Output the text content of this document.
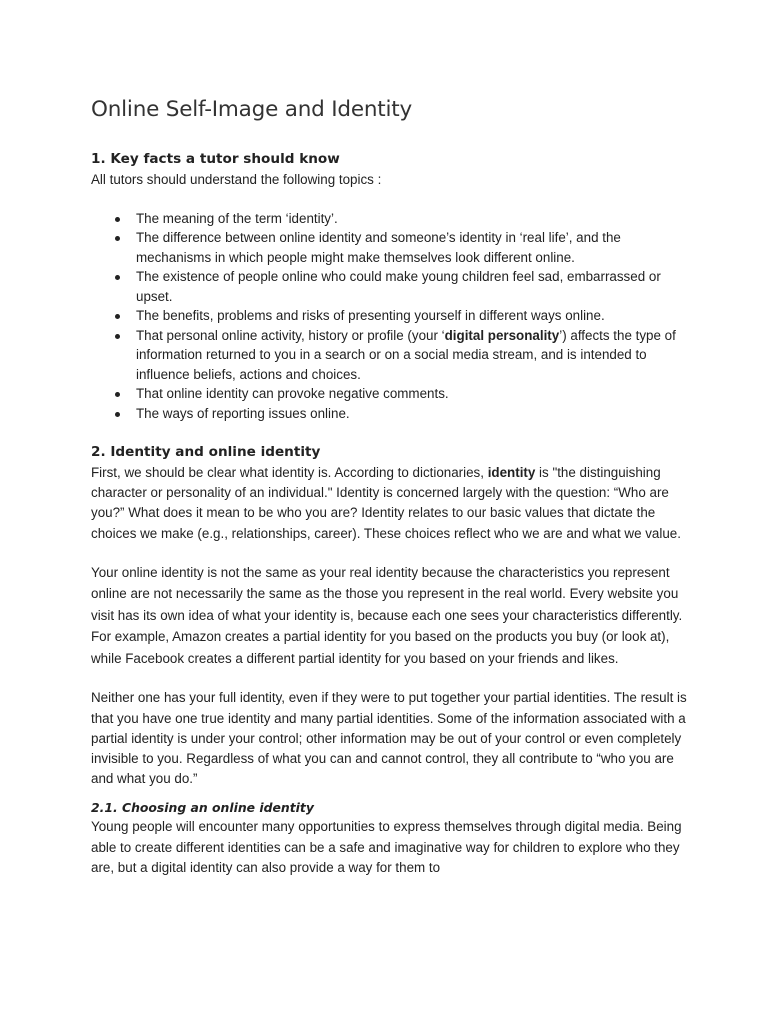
Online Self-Image and Identity
1. Key facts a tutor should know

All tutors should understand the following topics :

The meaning of the term ‘identity’.
The difference between online identity and someone’s identity in ‘real life’, and the mechanisms in which people might make themselves look different online.
The existence of people online who could make young children feel sad, embarrassed or upset.
The benefits, problems and risks of presenting yourself in different ways online.
That personal online activity, history or profile (your ‘digital personality’) affects the type of information returned to you in a search or on a social media stream, and is intended to influence beliefs, actions and choices.
That online identity can provoke negative comments.
The ways of reporting issues online.
2. Identity and online identity

First, we should be clear what identity is. According to dictionaries, identity is "the distinguishing character or personality of an individual." Identity is concerned largely with the question: “Who are you?” What does it mean to be who you are? Identity relates to our basic values that dictate the choices we make (e.g., relationships, career). These choices reflect who we are and what we value.

Your online identity is not the same as your real identity because the characteristics you represent online are not necessarily the same as the those you represent in the real world. Every website you visit has its own idea of what your identity is, because each one sees your characteristics differently. For example, Amazon creates a partial identity for you based on the products you buy (or look at), while Facebook creates a different partial identity for you based on your friends and likes.

Neither one has your full identity, even if they were to put together your partial identities. The result is that you have one true identity and many partial identities. Some of the information associated with a partial identity is under your control; other information may be out of your control or even completely invisible to you. Regardless of what you can and cannot control, they all contribute to “who you are and what you do.”

2.1. Choosing an online identity

Young people will encounter many opportunities to express themselves through digital media. Being able to create different identities can be a safe and imaginative way for children to explore who they are, but a digital identity can also provide a way for them to
